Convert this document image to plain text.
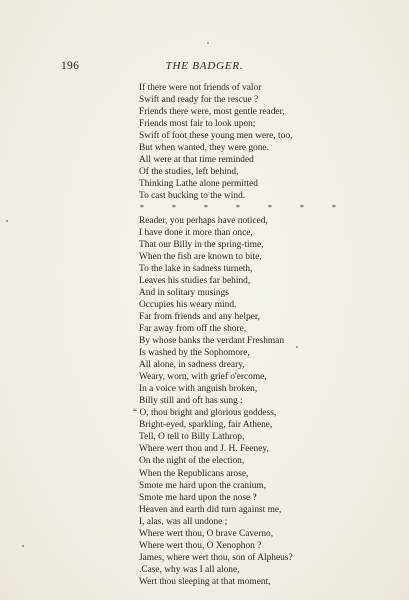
196	THE BADGER.
If there were not friends of valor
Swift and ready for the rescue ?
Friends there were, most gentle reader,
Friends most fair to look upon;
Swift of foot these young men were, too,
But when wanted, they were gone.
All were at that time reminded
Of the studies, left behind,
Thinking Lathe alone permitted
To cast bucking to the wind.
* * * * * * *
Reader, you perhaps have noticed,
I have done it more than once,
That our Billy in the spring-time,
When the fish are known to bite,
To the lake in sadness turneth,
Leaves his studies far behind,
And in solitary musings
Occupies his weary mind.
Far from friends and any helper,
Far away from off the shore,
By whose banks the verdant Freshman
Is washed by the Sophomore,
All alone, in sadness dreary,
Weary, worn, with grief o'ercome,
In a voice with anguish broken,
Billy still and oft has sung :
“ O, thou bright and glorious goddess,
Bright-eyed, sparkling, fair Athene,
Tell, O tell to Billy Lathrop,
Where wert thou and J. H. Feeney,
On the night of the election,
When the Republicans arose,
Smote me hard upon the cranium,
Smote me hard upon the nose ?
Heaven and earth did turn against me,
I, alas, was all undone ;
Where wert thou, O brave Caverno,
Where wert thou, O Xenophon ?
James, where wert thou, son of Alpheus?
.Case, why was I all alone,
Wert thou sleeping at that moment,
